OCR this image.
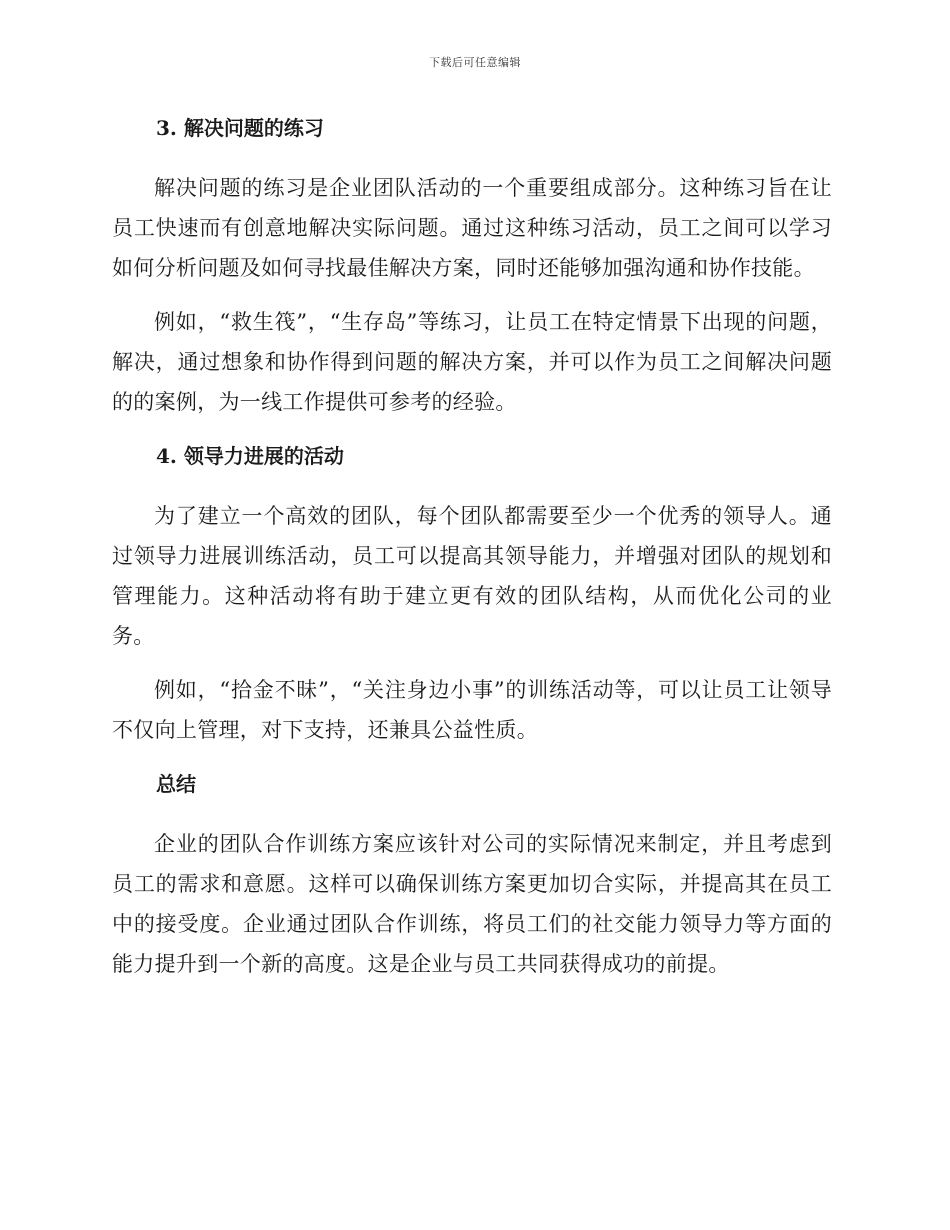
下载后可任意编辑
3. 解决问题的练习

解决问题的练习是企业团队活动的一个重要组成部分。这种练习旨在让员工快速而有创意地解决实际问题。通过这种练习活动，员工之间可以学习如何分析问题及如何寻找最佳解决方案，同时还能够加强沟通和协作技能。

例如，“救生筏”，“生存岛”等练习，让员工在特定情景下出现的问题，解决，通过想象和协作得到问题的解决方案，并可以作为员工之间解决问题的的案例，为一线工作提供可参考的经验。

4. 领导力进展的活动

为了建立一个高效的团队，每个团队都需要至少一个优秀的领导人。通过领导力进展训练活动，员工可以提高其领导能力，并增强对团队的规划和管理能力。这种活动将有助于建立更有效的团队结构，从而优化公司的业务。

例如，“拾金不昧”，“关注身边小事”的训练活动等，可以让员工让领导不仅向上管理，对下支持，还兼具公益性质。

总结

企业的团队合作训练方案应该针对公司的实际情况来制定，并且考虑到员工的需求和意愿。这样可以确保训练方案更加切合实际，并提高其在员工中的接受度。企业通过团队合作训练，将员工们的社交能力领导力等方面的能力提升到一个新的高度。这是企业与员工共同获得成功的前提。
